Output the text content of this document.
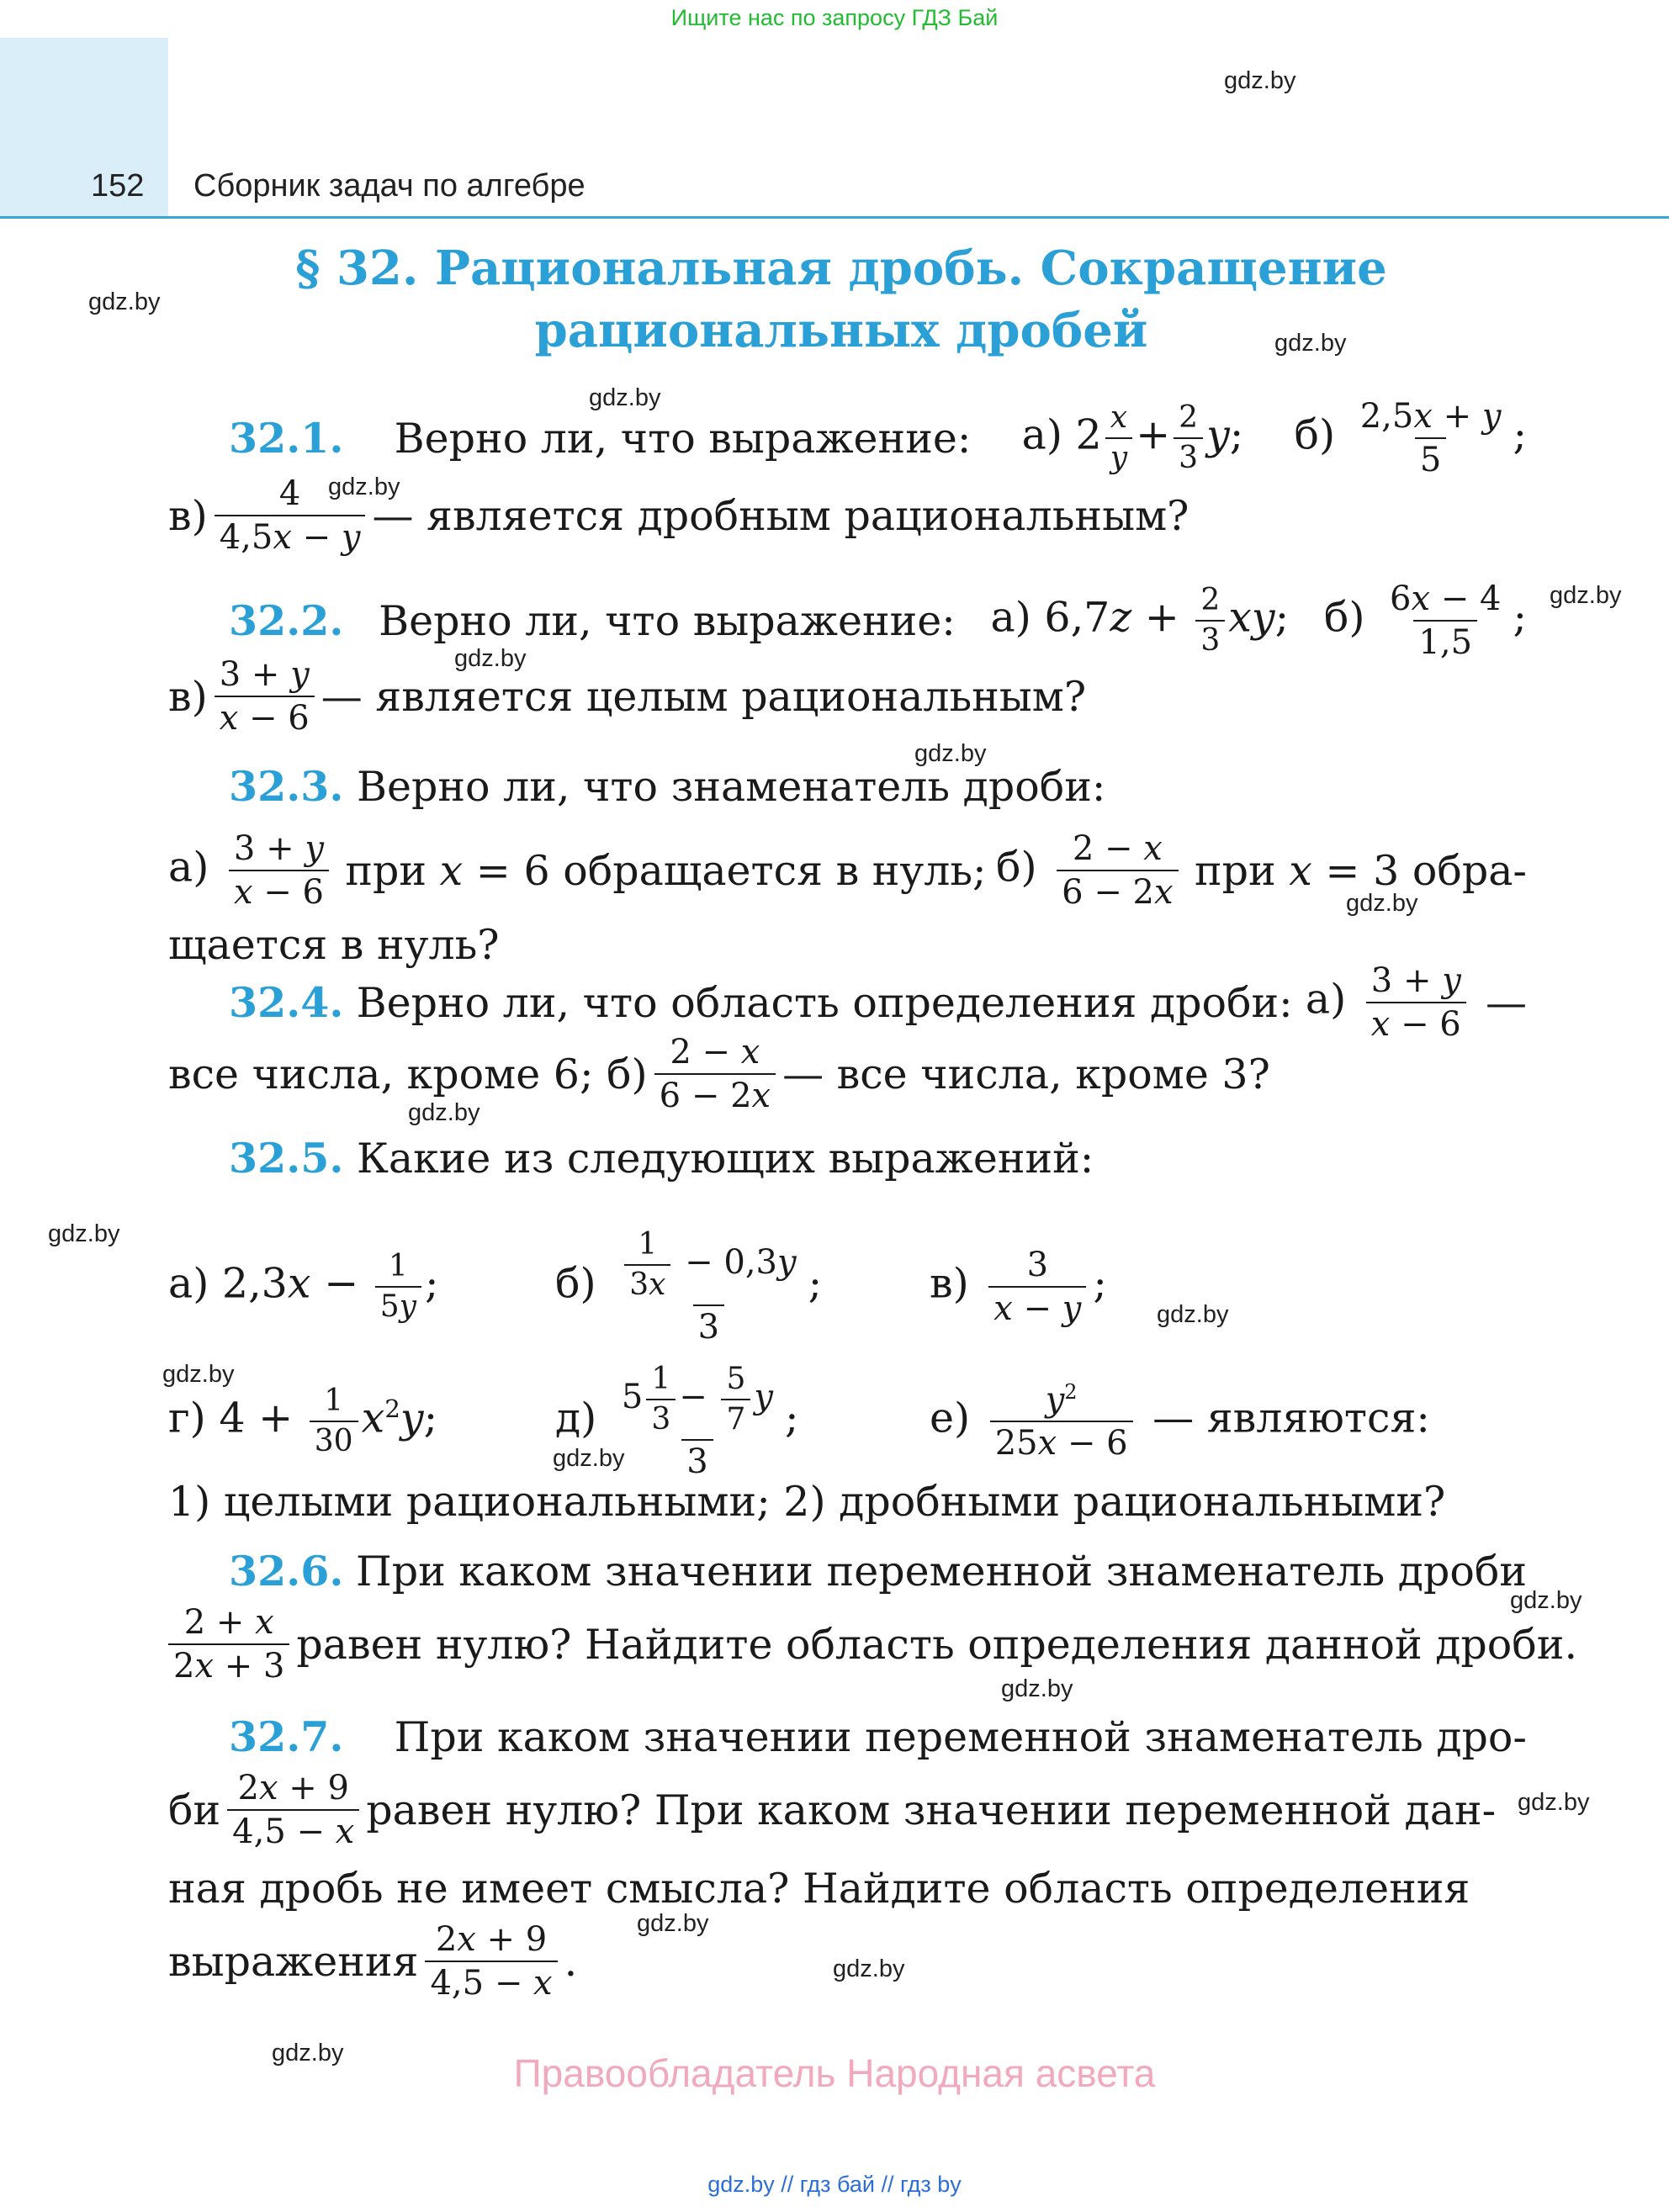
Ищите нас по запросу ГДЗ Бай
152 Сборник задач по алгебре
gdz.by
gdz.by
gdz.by
gdz.by
gdz.by
gdz.by
gdz.by
gdz.by
gdz.by
gdz.by
gdz.by
gdz.by
gdz.by
gdz.by
gdz.by
gdz.by
gdz.by
gdz.by
gdz.by
gdz.by
§ 32. Рациональная дробь. Сокращение
рациональных дробей
32.1. Верно ли, что выражение: а) $2 \frac{x}{y} + \frac{2}{3} y$; $б) \frac{2,5x + y}{5}$ ;
$в) \frac{4}{4,5x - y}$ — является дробным рациональным?
32.2. Верно ли, что выражение: а) $6,7z + \frac{2}{3}$ xy; $б) \frac{6x - 4}{1,5}$ ;
$в) \frac{3 + y}{x - 6}$ — является целым рациональным?
32.3.
Верно ли, что знаменатель дроби:
$а) \frac{3 + y}{x - 6}$ при x = 6 обращается в нуль; $б) \frac{2 - x}{6 - 2x}$ при x = 3 обра-
щается в нуль?
32.4. Верно ли, что область определения дроби: $а) \frac{3 + y}{x - 6}$ —
все числа, кроме 6;
$б) \frac{2 - x}{6 - 2x}$ — все числа, кроме 3?
32.5.
Какие из следующих выражений:
а) $2,3x - \frac{1}{5y}$ ;	$б) \frac{\frac{1}{3x} - 0,3y}{3}$ ;	$в) \frac{3}{x - y}$ ;
г) $4 + \frac{1}{30} x^2y$;	$д) \frac{5 \frac{1}{3} - \frac{5}{7} y}{3}$ ;	$е) \frac{y^2}{25x - 6}$ — являются:
1) целыми рациональными; 2) дробными рациональными?
32.6. При каком значении переменной знаменатель дроби
$\frac{2 + x}{2x + 3}$ равен нулю? Найдите область определения данной дроби.
32.7. При каком значении переменной знаменатель дро-
би $\frac{2x + 9}{4,5 - x}$ равен нулю? При каком значении переменной дан-
ная дробь не имеет смысла? Найдите область определения
выражения $\frac{2x + 9}{4,5 - x}$ .
Правообладатель Народная асвета
gdz.by // гдз бай // гдз by
